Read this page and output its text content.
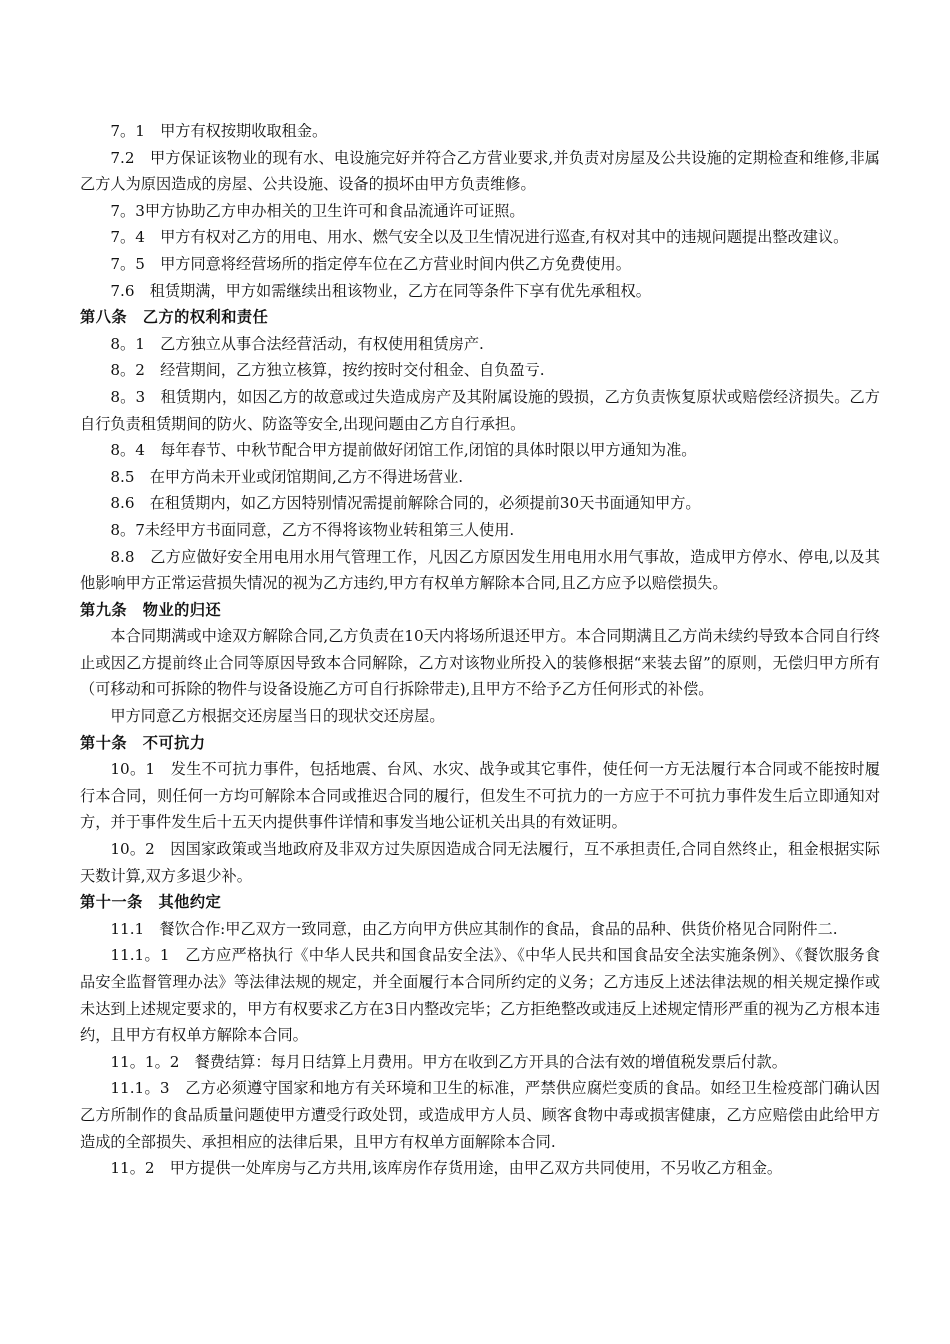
7。1　甲方有权按期收取租金。

7.2　甲方保证该物业的现有水、电设施完好并符合乙方营业要求,并负责对房屋及公共设施的定期检查和维修,非属乙方人为原因造成的房屋、公共设施、设备的损坏由甲方负责维修。

7。3甲方协助乙方申办相关的卫生许可和食品流通许可证照。

7。4　甲方有权对乙方的用电、用水、燃气安全以及卫生情况进行巡查,有权对其中的违规问题提出整改建议。

7。5　甲方同意将经营场所的指定停车位在乙方营业时间内供乙方免费使用。

7.6　租赁期满，甲方如需继续出租该物业，乙方在同等条件下享有优先承租权。

第八条　乙方的权利和责任

8。1　乙方独立从事合法经营活动，有权使用租赁房产.

8。2　经营期间，乙方独立核算，按约按时交付租金、自负盈亏.

8。3　租赁期内，如因乙方的故意或过失造成房产及其附属设施的毁损，乙方负责恢复原状或赔偿经济损失。乙方自行负责租赁期间的防火、防盗等安全,出现问题由乙方自行承担。

8。4　每年春节、中秋节配合甲方提前做好闭馆工作,闭馆的具体时限以甲方通知为准。

8.5　在甲方尚未开业或闭馆期间,乙方不得进场营业.

8.6　在租赁期内，如乙方因特别情况需提前解除合同的，必须提前30天书面通知甲方。

8。7未经甲方书面同意，乙方不得将该物业转租第三人使用.

8.8　乙方应做好安全用电用水用气管理工作，凡因乙方原因发生用电用水用气事故，造成甲方停水、停电,以及其他影响甲方正常运营损失情况的视为乙方违约,甲方有权单方解除本合同,且乙方应予以赔偿损失。

第九条　物业的归还

本合同期满或中途双方解除合同,乙方负责在10天内将场所退还甲方。本合同期满且乙方尚未续约导致本合同自行终止或因乙方提前终止合同等原因导致本合同解除，乙方对该物业所投入的装修根据“来装去留”的原则，无偿归甲方所有（可移动和可拆除的物件与设备设施乙方可自行拆除带走),且甲方不给予乙方任何形式的补偿。

甲方同意乙方根据交还房屋当日的现状交还房屋。

第十条　不可抗力

10。1　发生不可抗力事件，包括地震、台风、水灾、战争或其它事件，使任何一方无法履行本合同或不能按时履行本合同，则任何一方均可解除本合同或推迟合同的履行，但发生不可抗力的一方应于不可抗力事件发生后立即通知对方，并于事件发生后十五天内提供事件详情和事发当地公证机关出具的有效证明。

10。2　因国家政策或当地政府及非双方过失原因造成合同无法履行，互不承担责任,合同自然终止，租金根据实际天数计算,双方多退少补。

第十一条　其他约定

11.1　餐饮合作:甲乙双方一致同意，由乙方向甲方供应其制作的食品，食品的品种、供货价格见合同附件二.

11.1。1　乙方应严格执行《中华人民共和国食品安全法》、《中华人民共和国食品安全法实施条例》、《餐饮服务食品安全监督管理办法》等法律法规的规定，并全面履行本合同所约定的义务；乙方违反上述法律法规的相关规定操作或未达到上述规定要求的，甲方有权要求乙方在3日内整改完毕；乙方拒绝整改或违反上述规定情形严重的视为乙方根本违约，且甲方有权单方解除本合同。

11。1。2　餐费结算：每月日结算上月费用。甲方在收到乙方开具的合法有效的增值税发票后付款。

11.1。3　乙方必须遵守国家和地方有关环境和卫生的标准，严禁供应腐烂变质的食品。如经卫生检疫部门确认因乙方所制作的食品质量问题使甲方遭受行政处罚，或造成甲方人员、顾客食物中毒或损害健康，乙方应赔偿由此给甲方造成的全部损失、承担相应的法律后果，且甲方有权单方面解除本合同.

11。2　甲方提供一处库房与乙方共用,该库房作存货用途，由甲乙双方共同使用，不另收乙方租金。
